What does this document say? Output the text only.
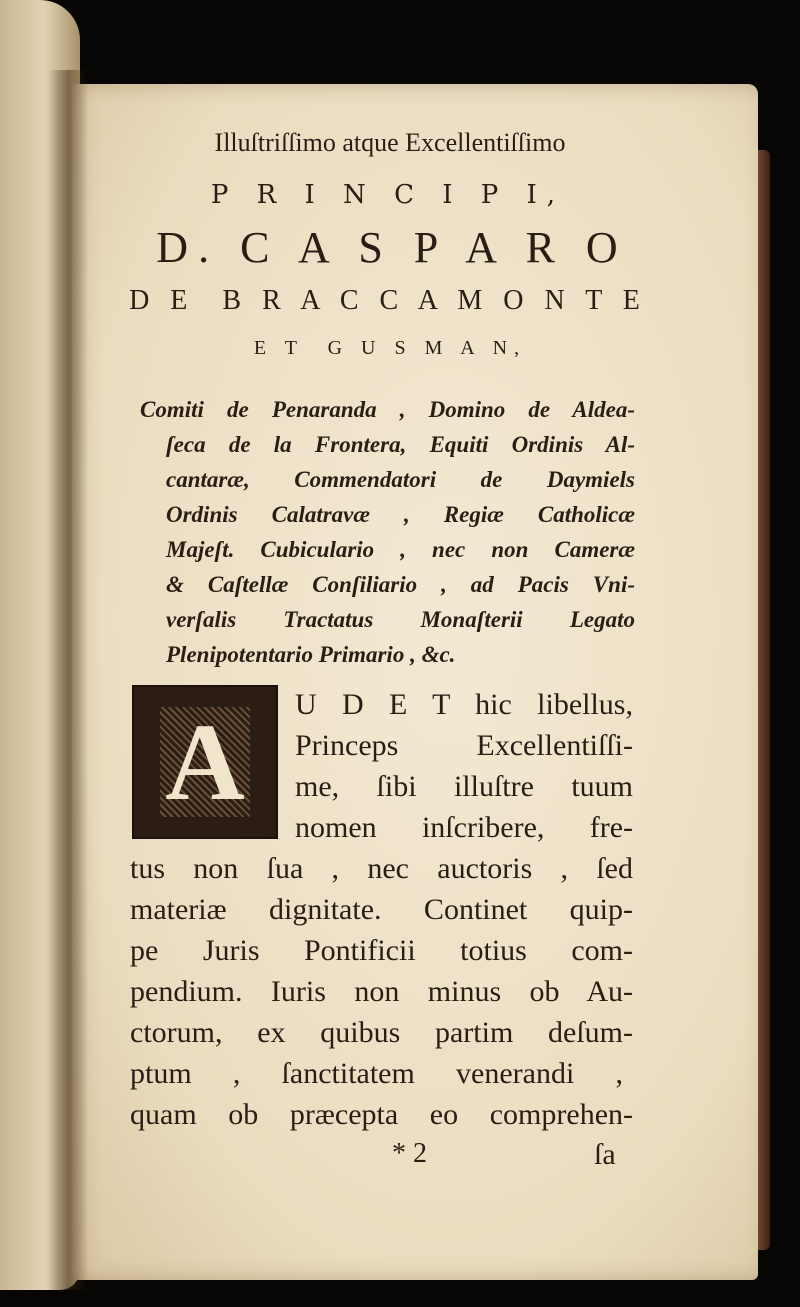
Illuſtriſſimo atque Excellentiſſimo
P R I N C I P I,
D. C A S P A R O
D E  B R A C C A M O N T E
E T  G U S M A N,
Comiti de Penaranda , Domino de Aldea-
ſeca de la Frontera, Equiti Ordinis Al-
cantaræ, Commendatori de Daymiels
Ordinis Calatravæ , Regiæ Catholicæ
Majeſt. Cubiculario , nec non Cameræ
& Caſtellæ Conſiliario , ad Pacis Vni-
verſalis Tractatus Monaſterii Legato
Plenipotentario Primario , &c.
A U D E T hic libellus,
Princeps Excellentiſſi-
me, ſibi illuſtre tuum
nomen inſcribere, fre-
tus non ſua , nec auctoris , ſed
materiæ dignitate. Continet quip-
pe Juris Pontificii totius com-
pendium. Iuris non minus ob Au-
ctorum, ex quibus partim deſum-
ptum , ſanctitatem venerandi ,
quam ob præcepta eo comprehen-
* 2	ſa
